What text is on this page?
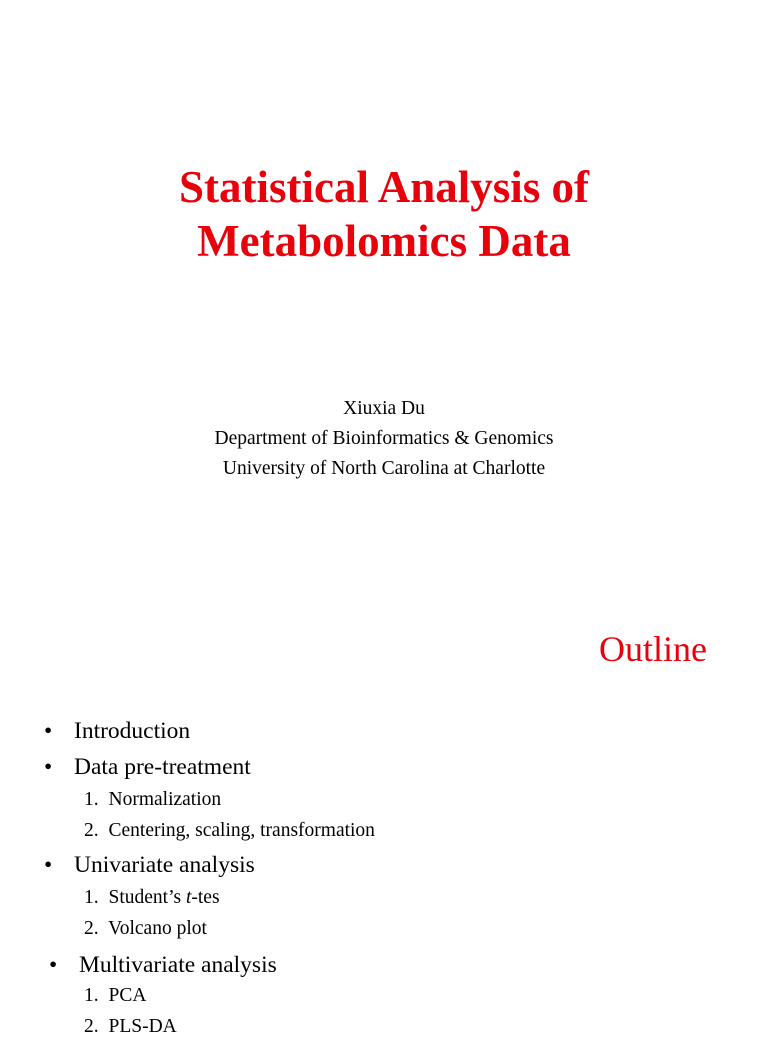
Statistical Analysis of
Metabolomics Data
Xiuxia Du
Department of Bioinformatics & Genomics
University of North Carolina at Charlotte
Outline
• Introduction
• Data pre-treatment
1. Normalization
2. Centering, scaling, transformation
• Univariate analysis
1. Student’s t-tes
2. Volcano plot
• Multivariate analysis
1. PCA
2. PLS-DA
